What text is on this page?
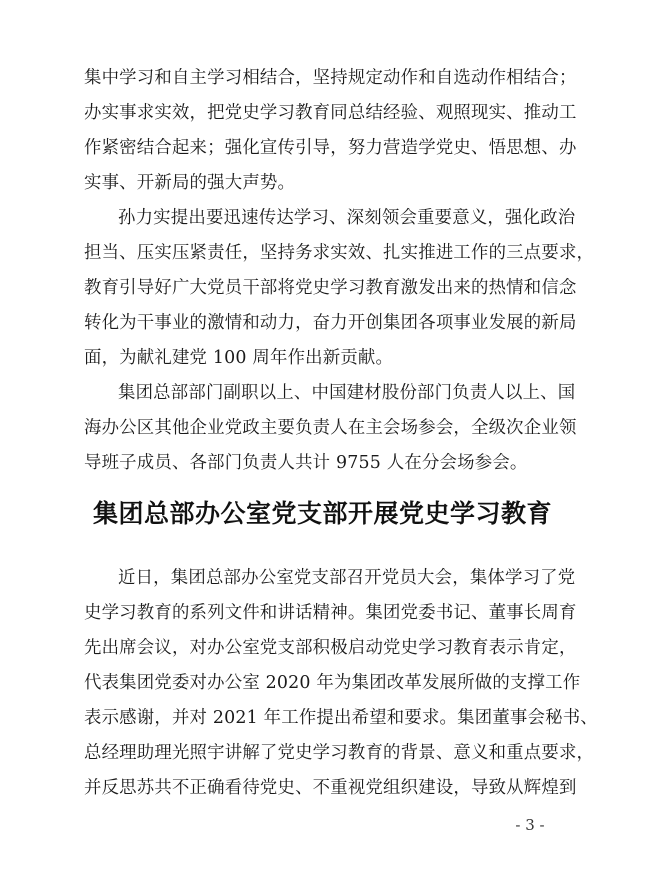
集中学习和自主学习相结合，坚持规定动作和自选动作相结合；
办实事求实效，把党史学习教育同总结经验、观照现实、推动工
作紧密结合起来；强化宣传引导，努力营造学党史、悟思想、办
实事、开新局的强大声势。
孙力实提出要迅速传达学习、深刻领会重要意义，强化政治
担当、压实压紧责任，坚持务求实效、扎实推进工作的三点要求，
教育引导好广大党员干部将党史学习教育激发出来的热情和信念
转化为干事业的激情和动力，奋力开创集团各项事业发展的新局
面，为献礼建党 100 周年作出新贡献。
集团总部部门副职以上、中国建材股份部门负责人以上、国
海办公区其他企业党政主要负责人在主会场参会，全级次企业领
导班子成员、各部门负责人共计 9755 人在分会场参会。
集团总部办公室党支部开展党史学习教育
近日，集团总部办公室党支部召开党员大会，集体学习了党
史学习教育的系列文件和讲话精神。集团党委书记、董事长周育
先出席会议，对办公室党支部积极启动党史学习教育表示肯定，
代表集团党委对办公室 2020 年为集团改革发展所做的支撑工作
表示感谢，并对 2021 年工作提出希望和要求。集团董事会秘书、
总经理助理光照宇讲解了党史学习教育的背景、意义和重点要求，
并反思苏共不正确看待党史、不重视党组织建设，导致从辉煌到
- 3 -
